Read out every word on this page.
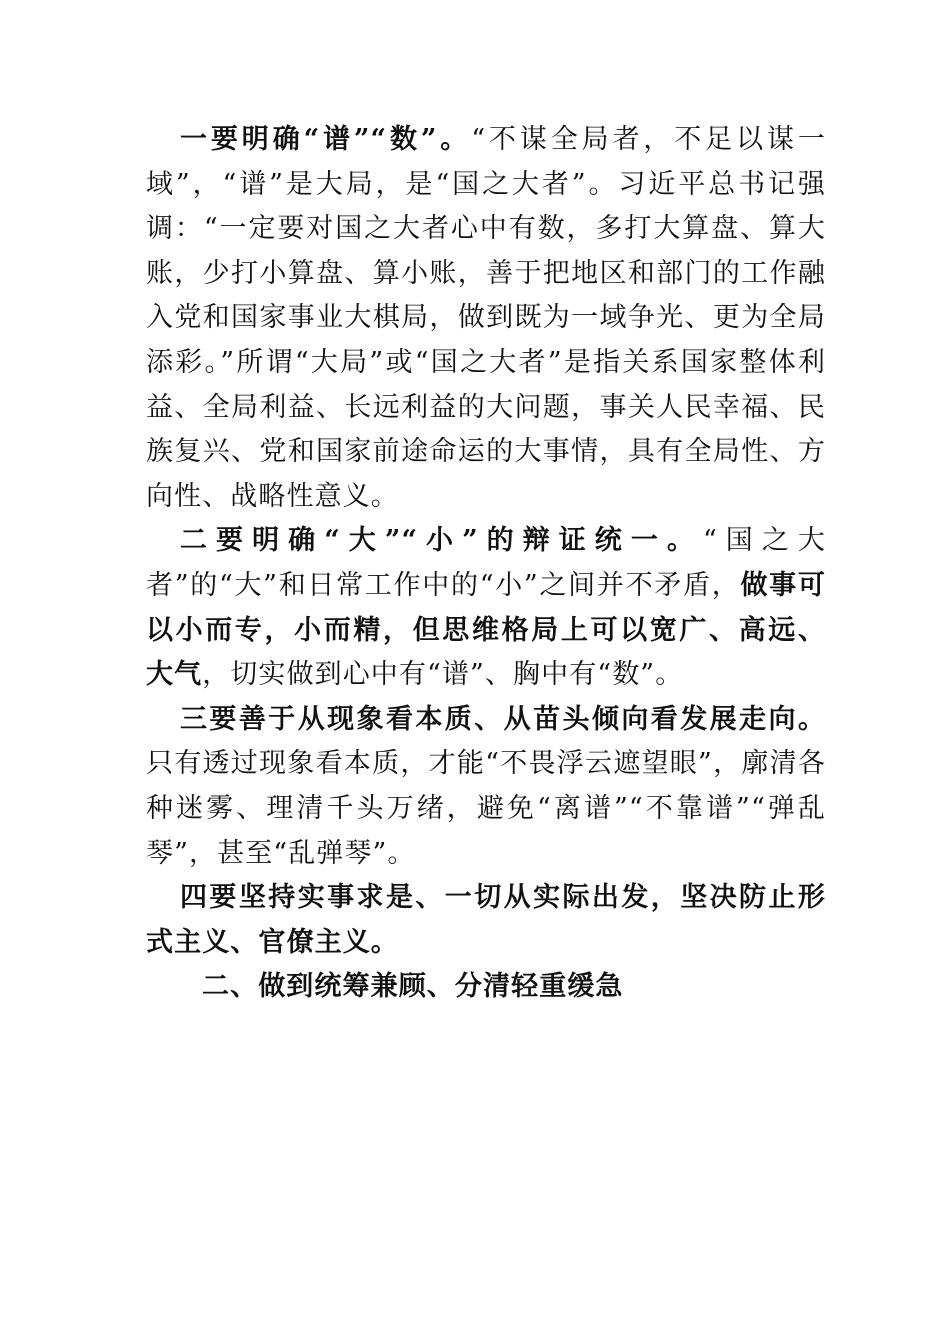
一要明确“谱”“数”。“不谋全局者，不足以谋一域”，“谱”是大局，是“国之大者”。习近平总书记强调：“一定要对国之大者心中有数，多打大算盘、算大账，少打小算盘、算小账，善于把地区和部门的工作融入党和国家事业大棋局，做到既为一域争光、更为全局添彩。”所谓“大局”或“国之大者”是指关系国家整体利益、全局利益、长远利益的大问题，事关人民幸福、民族复兴、党和国家前途命运的大事情，具有全局性、方向性、战略性意义。

二要明确“大”“小”的辩证统一。“国之大者”的“大”和日常工作中的“小”之间并不矛盾，做事可以小而专，小而精，但思维格局上可以宽广、高远、 大气，切实做到心中有“谱”、胸中有“数”。

三要善于从现象看本质、从苗头倾向看发展走向。只有透过现象看本质，才能“不畏浮云遮望眼”，廓清各种迷雾、理清千头万绪，避免“离谱”“不靠谱”“弹乱琴”，甚至“乱弹琴”。

四要坚持实事求是、一切从实际出发，坚决防止形式主义、官僚主义。

二、做到统筹兼顾、分清轻重缓急
